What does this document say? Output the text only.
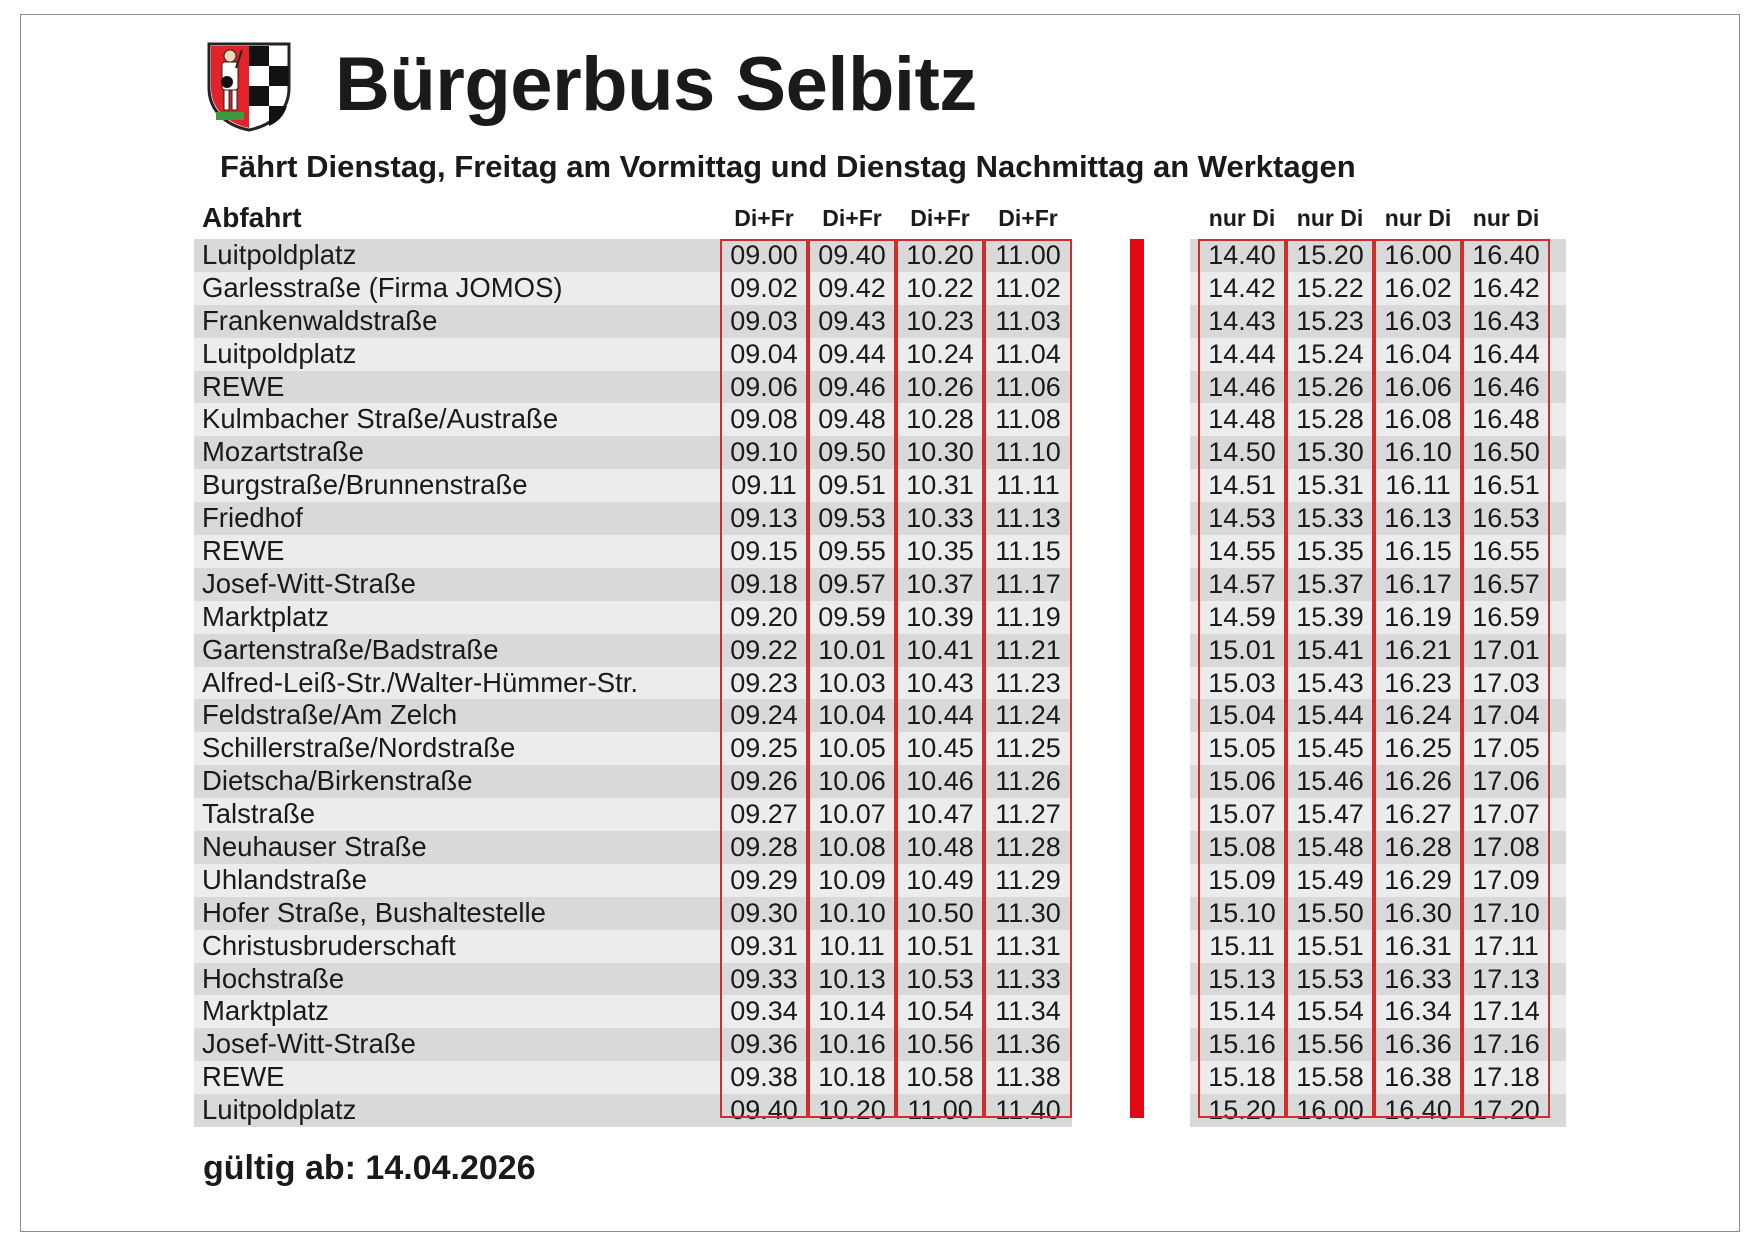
Bürgerbus Selbitz
Fährt Dienstag, Freitag am Vormittag und Dienstag Nachmittag an Werktagen
Abfahrt	Di+Fr	Di+Fr	Di+Fr	Di+Fr	nur Di nur Di nur Di nur Di
Luitpoldplatz	09.00 09.40 10.20 11.00	14.40 15.20 16.00 16.40
Garlesstraße (Firma JOMOS)	09.02 09.42 10.22 11.02	14.42 15.22 16.02 16.42
Frankenwaldstraße	09.03 09.43 10.23 11.03	14.43 15.23 16.03 16.43
Luitpoldplatz	09.04 09.44 10.24 11.04	14.44 15.24 16.04 16.44
REWE	09.06 09.46 10.26 11.06	14.46 15.26 16.06 16.46
Kulmbacher Straße/Austraße	09.08 09.48 10.28 11.08	14.48 15.28 16.08 16.48
Mozartstraße	09.10 09.50 10.30 11.10	14.50 15.30 16.10 16.50
Burgstraße/Brunnenstraße	09.11 09.51 10.31 11.11	14.51 15.31 16.11 16.51
Friedhof	09.13 09.53 10.33 11.13	14.53 15.33 16.13 16.53
REWE	09.15 09.55 10.35 11.15	14.55 15.35 16.15 16.55
Josef-Witt-Straße	09.18 09.57 10.37 11.17	14.57 15.37 16.17 16.57
Marktplatz	09.20 09.59 10.39 11.19	14.59 15.39 16.19 16.59
Gartenstraße/Badstraße	09.22 10.01 10.41 11.21	15.01 15.41 16.21 17.01
Alfred-Leiß-Str./Walter-Hümmer-Str.	09.23 10.03 10.43 11.23	15.03 15.43 16.23 17.03
Feldstraße/Am Zelch	09.24 10.04 10.44 11.24	15.04 15.44 16.24 17.04
Schillerstraße/Nordstraße	09.25 10.05 10.45 11.25	15.05 15.45 16.25 17.05
Dietscha/Birkenstraße	09.26 10.06 10.46 11.26	15.06 15.46 16.26 17.06
Talstraße	09.27 10.07 10.47 11.27	15.07 15.47 16.27 17.07
Neuhauser Straße	09.28 10.08 10.48 11.28	15.08 15.48 16.28 17.08
Uhlandstraße	09.29 10.09 10.49 11.29	15.09 15.49 16.29 17.09
Hofer Straße, Bushaltestelle	09.30 10.10 10.50 11.30	15.10 15.50 16.30 17.10
Christusbruderschaft	09.31 10.11 10.51 11.31	15.11 15.51 16.31 17.11
Hochstraße	09.33 10.13 10.53 11.33	15.13 15.53 16.33 17.13
Marktplatz	09.34 10.14 10.54 11.34	15.14 15.54 16.34 17.14
Josef-Witt-Straße	09.36 10.16 10.56 11.36	15.16 15.56 16.36 17.16
REWE	09.38 10.18 10.58 11.38	15.18 15.58 16.38 17.18
Luitpoldplatz	09.40 10.20 11.00 11.40	15.20 16.00 16.40 17.20
gültig ab: 14.04.2026
